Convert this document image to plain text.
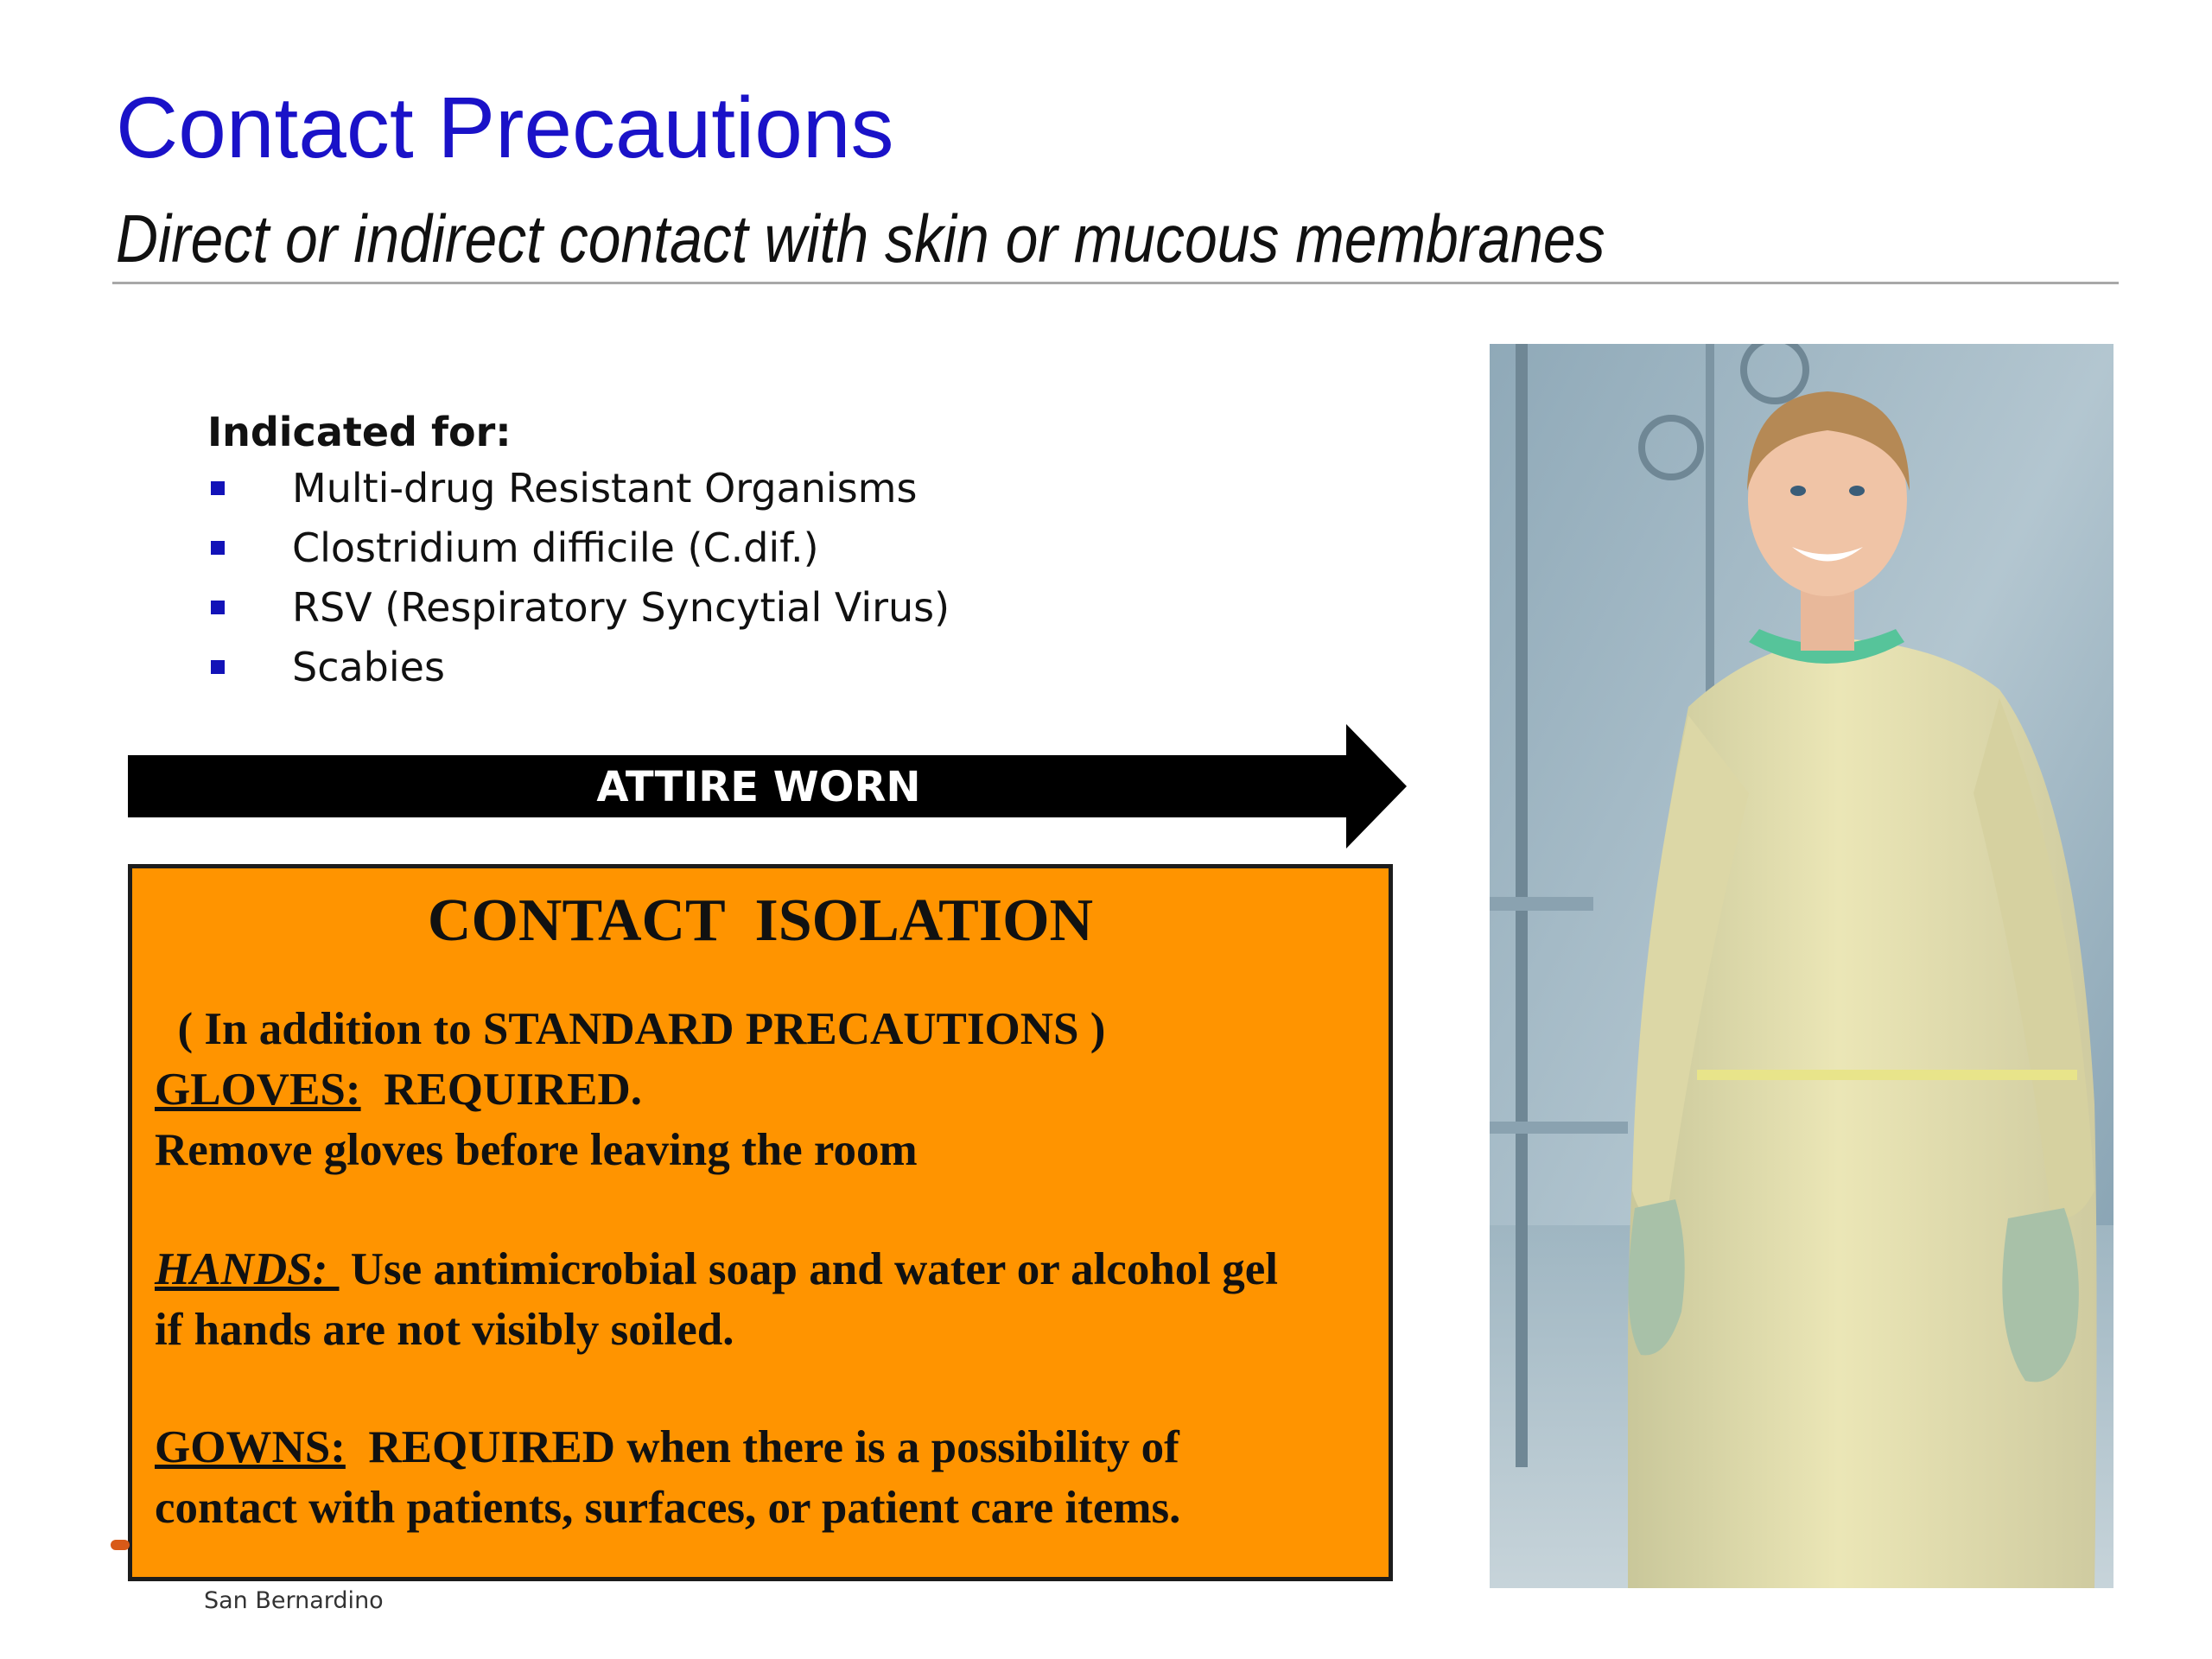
Contact Precautions
Direct or indirect contact with skin or mucous membranes
Indicated for:
Multi-drug Resistant Organisms
Clostridium difficile (C.dif.)
RSV (Respiratory Syncytial Virus)
Scabies
ATTIRE WORN
CONTACT  ISOLATION
( In addition to STANDARD PRECAUTIONS )
GLOVES:  REQUIRED.
Remove gloves before leaving the room
HANDS:  Use antimicrobial soap and water or alcohol gel
if hands are not visibly soiled.
GOWNS:  REQUIRED when there is a possibility of
contact with patients, surfaces, or patient care items.
San Bernardino
